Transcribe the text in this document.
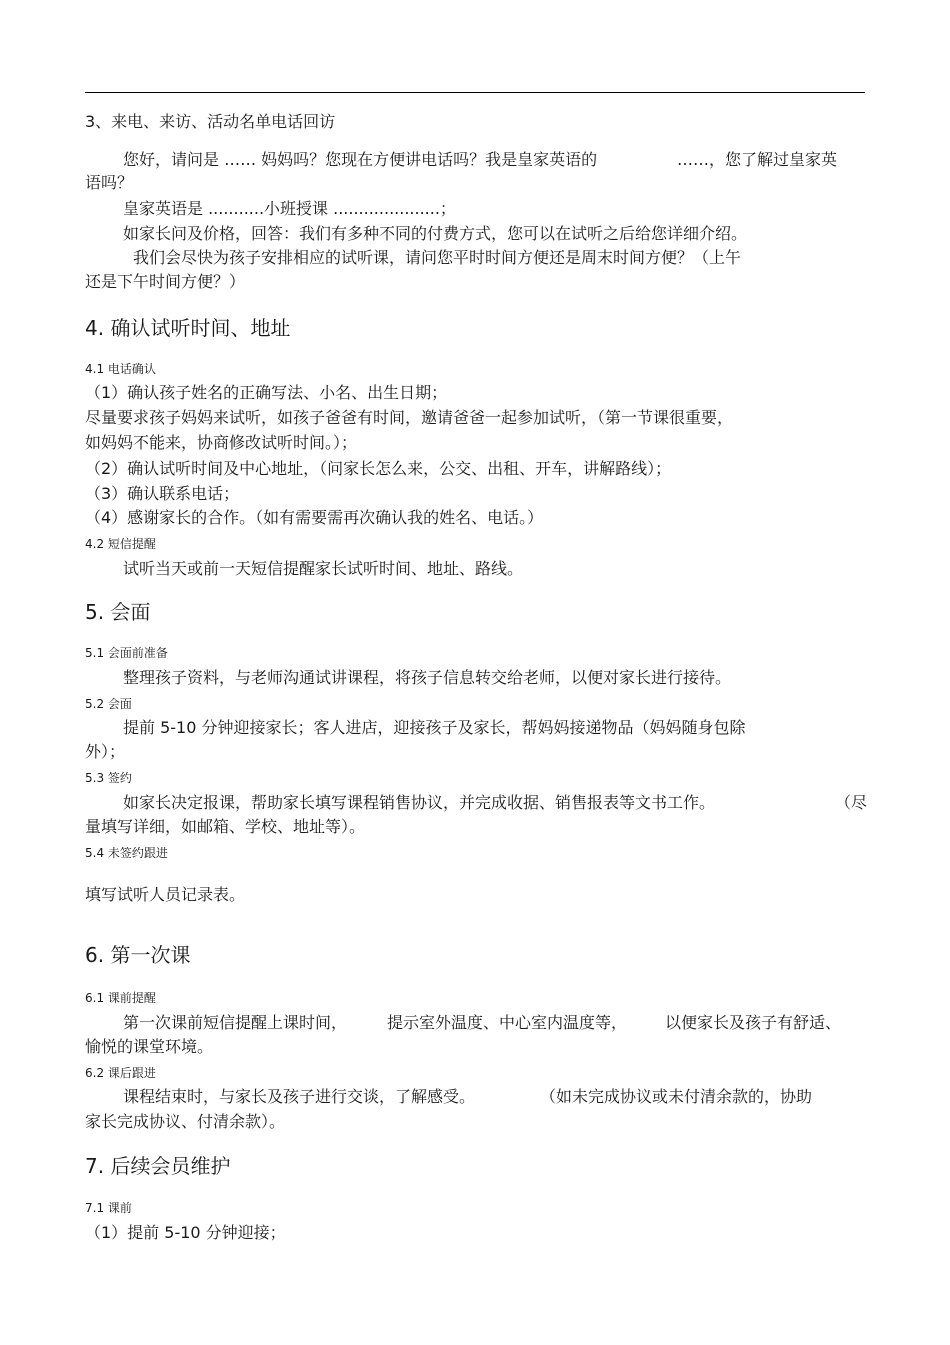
3、来电、来访、活动名单电话回访
您好，请问是 …… 妈妈吗？您现在方便讲电话吗？我是皇家英语的	……，您了解过皇家英
语吗？
皇家英语是 ...........小班授课 .....................；
如家长问及价格，回答：我们有多种不同的付费方式，您可以在试听之后给您详细介绍。
我们会尽快为孩子安排相应的试听课，请问您平时时间方便还是周末时间方便？（上午
还是下午时间方便？）
4. 确认试听时间、地址
4.1 电话确认
（1）确认孩子姓名的正确写法、小名、出生日期；
尽量要求孩子妈妈来试听，如孩子爸爸有时间，邀请爸爸一起参加试听，（第一节课很重要，
如妈妈不能来，协商修改试听时间。）；
（2）确认试听时间及中心地址，（问家长怎么来，公交、出租、开车，讲解路线）；
（3）确认联系电话；
（4）感谢家长的合作。（如有需要需再次确认我的姓名、电话。）
4.2 短信提醒
试听当天或前一天短信提醒家长试听时间、地址、路线。
5. 会面
5.1 会面前准备
整理孩子资料，与老师沟通试讲课程，将孩子信息转交给老师，以便对家长进行接待。
5.2 会面
提前 5-10 分钟迎接家长；客人进店，迎接孩子及家长，帮妈妈接递物品（妈妈随身包除
外）；
5.3 签约
如家长决定报课，帮助家长填写课程销售协议，并完成收据、销售报表等文书工作。	（尽
量填写详细，如邮箱、学校、地址等）。
5.4 未签约跟进
填写试听人员记录表。
6. 第一次课
6.1 课前提醒
第一次课前短信提醒上课时间， 提示室外温度、中心室内温度等， 以便家长及孩子有舒适、
愉悦的课堂环境。
6.2 课后跟进
课程结束时，与家长及孩子进行交谈，了解感受。	（如未完成协议或未付清余款的，协助
家长完成协议、付清余款）。
7. 后续会员维护
7.1 课前
（1）提前 5-10 分钟迎接；
